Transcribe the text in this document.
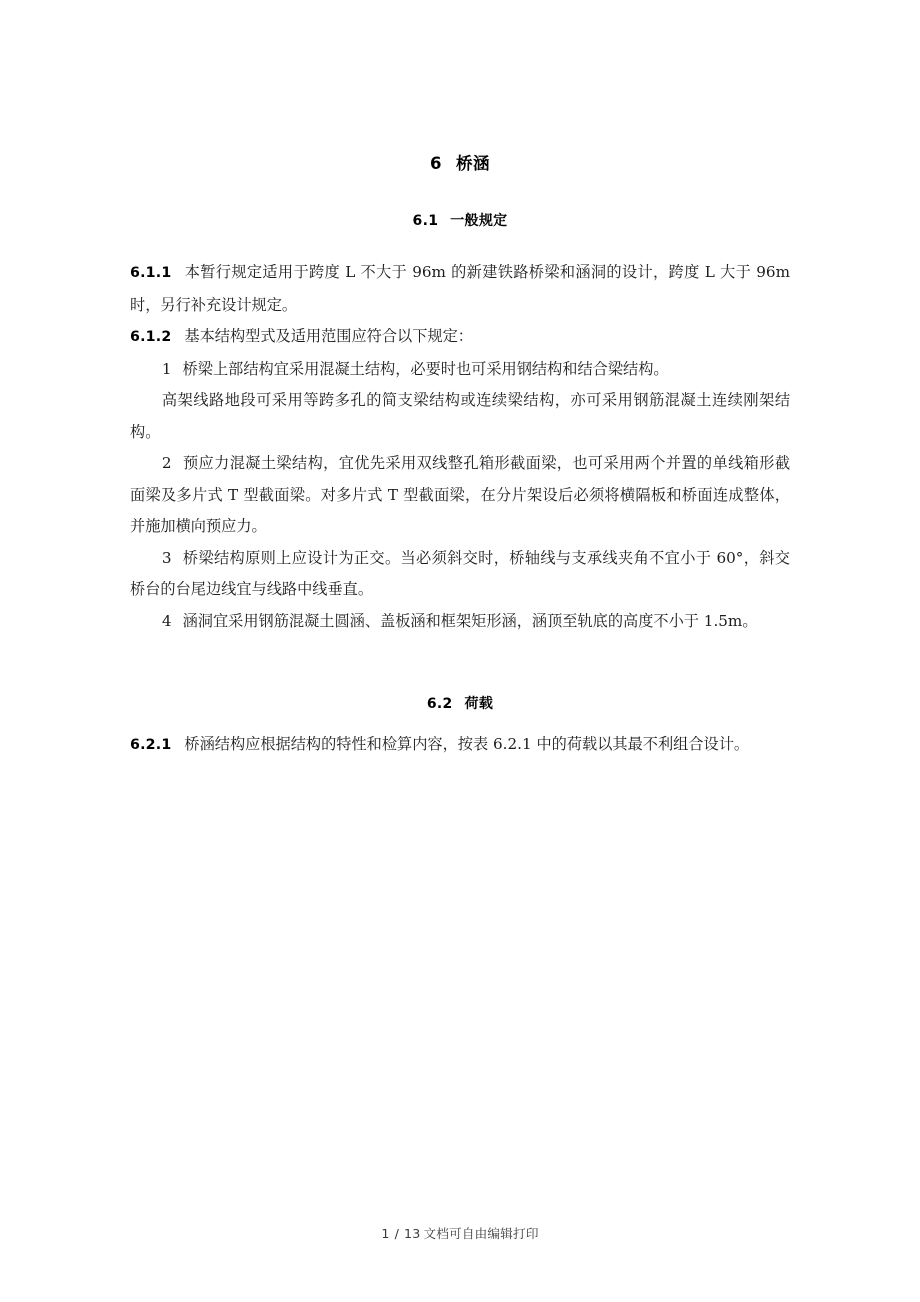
6 桥涵
6.1 一般规定

6.1.1 本暂行规定适用于跨度 L 不大于 96m 的新建铁路桥梁和涵洞的设计，跨度 L 大于 96m 时，另行补充设计规定。

6.1.2 基本结构型式及适用范围应符合以下规定：

1 桥梁上部结构宜采用混凝土结构，必要时也可采用钢结构和结合梁结构。

高架线路地段可采用等跨多孔的简支梁结构或连续梁结构，亦可采用钢筋混凝土连续刚架结构。

2 预应力混凝土梁结构，宜优先采用双线整孔箱形截面梁，也可采用两个并置的单线箱形截面梁及多片式 T 型截面梁。对多片式 T 型截面梁，在分片架设后必须将横隔板和桥面连成整体，并施加横向预应力。

3 桥梁结构原则上应设计为正交。当必须斜交时，桥轴线与支承线夹角不宜小于 60°，斜交桥台的台尾边线宜与线路中线垂直。

4 涵洞宜采用钢筋混凝土圆涵、盖板涵和框架矩形涵，涵顶至轨底的高度不小于 1.5m。

6.2 荷载

6.2.1 桥涵结构应根据结构的特性和检算内容，按表 6.2.1 中的荷载以其最不利组合设计。

1 / 13 文档可自由编辑打印
